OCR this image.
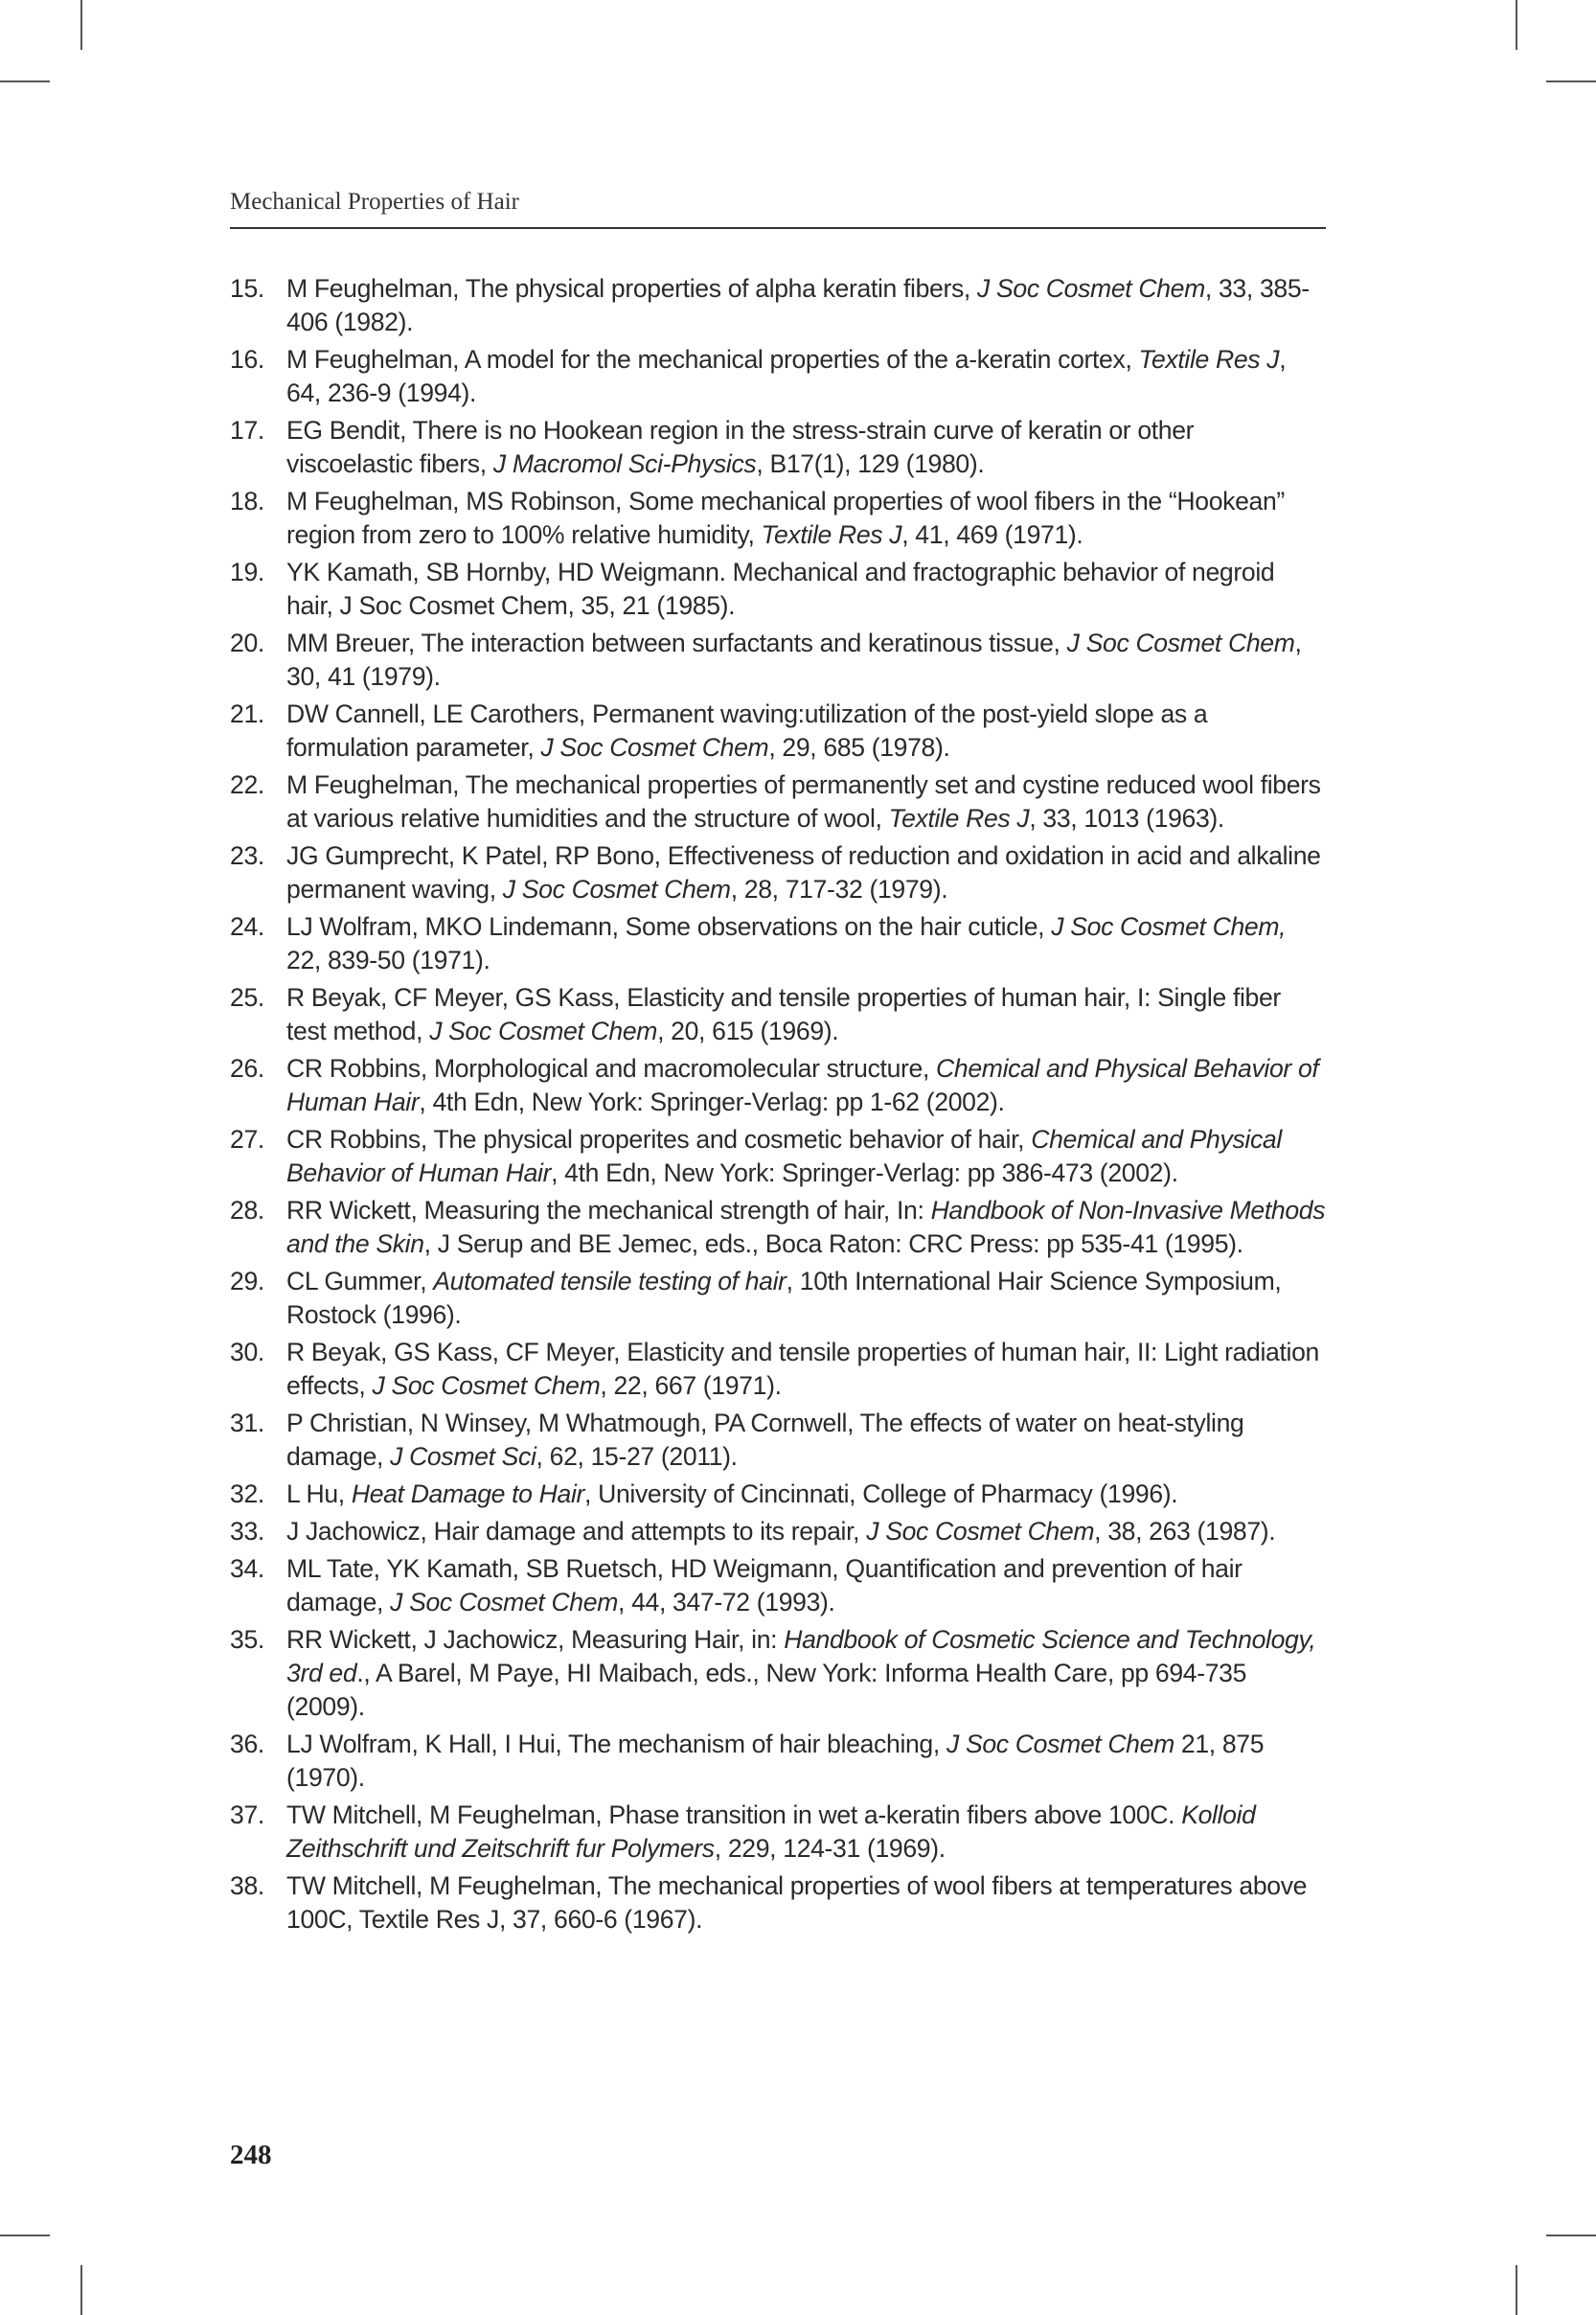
Mechanical Properties of Hair
15. M Feughelman, The physical properties of alpha keratin fibers, J Soc Cosmet Chem, 33, 385-406 (1982).
16. M Feughelman, A model for the mechanical properties of the a-keratin cortex, Textile Res J, 64, 236-9 (1994).
17. EG Bendit, There is no Hookean region in the stress-strain curve of keratin or other viscoelastic fibers, J Macromol Sci-Physics, B17(1), 129 (1980).
18. M Feughelman, MS Robinson, Some mechanical properties of wool fibers in the “Hookean” region from zero to 100% relative humidity, Textile Res J, 41, 469 (1971).
19. YK Kamath, SB Hornby, HD Weigmann. Mechanical and fractographic behavior of negroid hair, J Soc Cosmet Chem, 35, 21 (1985).
20. MM Breuer, The interaction between surfactants and keratinous tissue, J Soc Cosmet Chem, 30, 41 (1979).
21. DW Cannell, LE Carothers, Permanent waving:utilization of the post-yield slope as a formulation parameter, J Soc Cosmet Chem, 29, 685 (1978).
22. M Feughelman, The mechanical properties of permanently set and cystine reduced wool fibers at various relative humidities and the structure of wool, Textile Res J, 33, 1013 (1963).
23. JG Gumprecht, K Patel, RP Bono, Effectiveness of reduction and oxidation in acid and alkaline permanent waving, J Soc Cosmet Chem, 28, 717-32 (1979).
24. LJ Wolfram, MKO Lindemann, Some observations on the hair cuticle, J Soc Cosmet Chem, 22, 839-50 (1971).
25. R Beyak, CF Meyer, GS Kass, Elasticity and tensile properties of human hair, I: Single fiber test method, J Soc Cosmet Chem, 20, 615 (1969).
26. CR Robbins, Morphological and macromolecular structure, Chemical and Physical Behavior of Human Hair, 4th Edn, New York: Springer-Verlag: pp 1-62 (2002).
27. CR Robbins, The physical properites and cosmetic behavior of hair, Chemical and Physical Behavior of Human Hair, 4th Edn, New York: Springer-Verlag: pp 386-473 (2002).
28. RR Wickett, Measuring the mechanical strength of hair, In: Handbook of Non-Invasive Methods and the Skin, J Serup and BE Jemec, eds., Boca Raton: CRC Press: pp 535-41 (1995).
29. CL Gummer, Automated tensile testing of hair, 10th International Hair Science Symposium, Rostock (1996).
30. R Beyak, GS Kass, CF Meyer, Elasticity and tensile properties of human hair, II: Light radiation effects, J Soc Cosmet Chem, 22, 667 (1971).
31. P Christian, N Winsey, M Whatmough, PA Cornwell, The effects of water on heat-styling damage, J Cosmet Sci, 62, 15-27 (2011).
32. L Hu, Heat Damage to Hair, University of Cincinnati, College of Pharmacy (1996).
33. J Jachowicz, Hair damage and attempts to its repair, J Soc Cosmet Chem, 38, 263 (1987).
34. ML Tate, YK Kamath, SB Ruetsch, HD Weigmann, Quantification and prevention of hair damage, J Soc Cosmet Chem, 44, 347-72 (1993).
35. RR Wickett, J Jachowicz, Measuring Hair, in: Handbook of Cosmetic Science and Technology, 3rd ed., A Barel, M Paye, HI Maibach, eds., New York: Informa Health Care, pp 694-735 (2009).
36. LJ Wolfram, K Hall, I Hui, The mechanism of hair bleaching, J Soc Cosmet Chem 21, 875 (1970).
37. TW Mitchell, M Feughelman, Phase transition in wet a-keratin fibers above 100C. Kolloid Zeithschrift und Zeitschrift fur Polymers, 229, 124-31 (1969).
38. TW Mitchell, M Feughelman, The mechanical properties of wool fibers at temperatures above 100C, Textile Res J, 37, 660-6 (1967).
248
